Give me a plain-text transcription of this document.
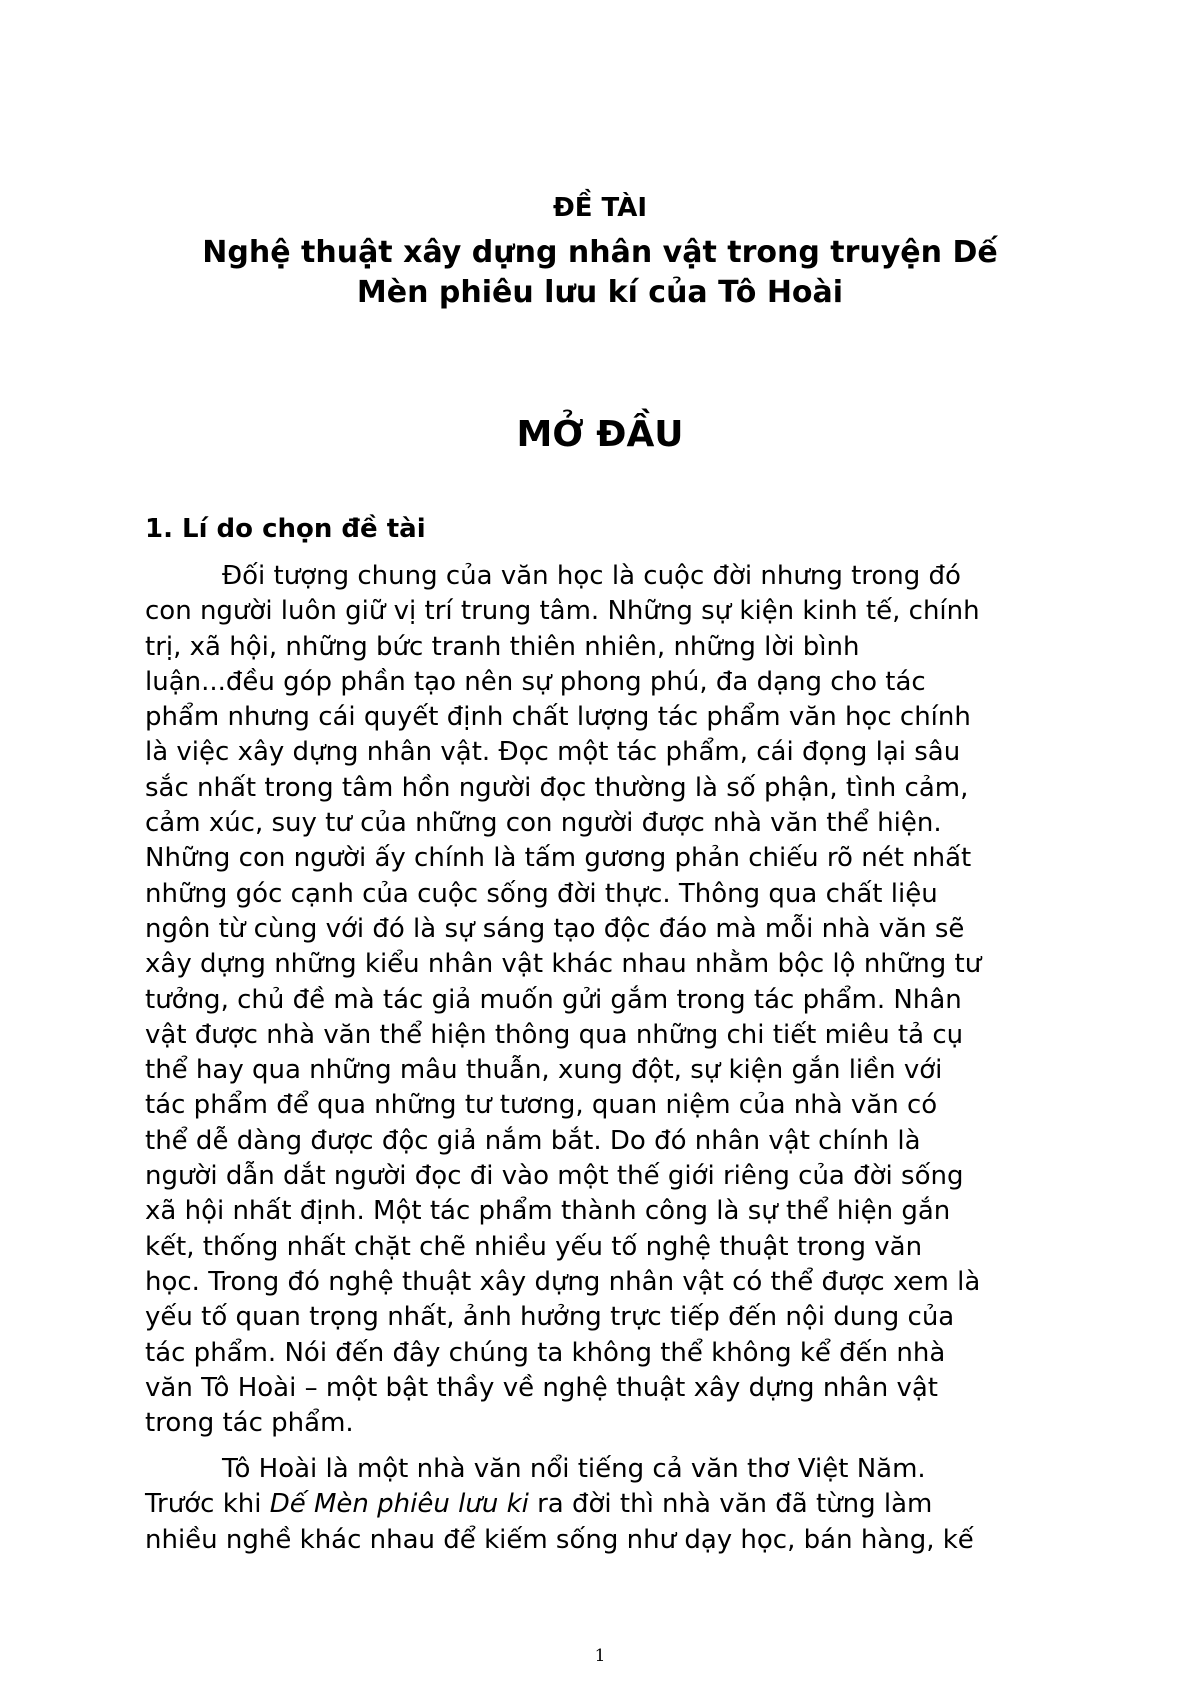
ĐỀ TÀI
Nghệ thuật xây dựng nhân vật trong truyện Dế
Mèn phiêu lưu kí của Tô Hoài
MỞ ĐẦU
1. Lí do chọn đề tài
Đối tượng chung của văn học là cuộc đời nhưng trong đó
con người luôn giữ vị trí trung tâm. Những sự kiện kinh tế, chính
trị, xã hội, những bức tranh thiên nhiên, những lời bình
luận...đều góp phần tạo nên sự phong phú, đa dạng cho tác
phẩm nhưng cái quyết định chất lượng tác phẩm văn học chính
là việc xây dựng nhân vật. Đọc một tác phẩm, cái đọng lại sâu
sắc nhất trong tâm hồn người đọc thường là số phận, tình cảm,
cảm xúc, suy tư của những con người được nhà văn thể hiện.
Những con người ấy chính là tấm gương phản chiếu rõ nét nhất
những góc cạnh của cuộc sống đời thực. Thông qua chất liệu
ngôn từ cùng với đó là sự sáng tạo độc đáo mà mỗi nhà văn sẽ
xây dựng những kiểu nhân vật khác nhau nhằm bộc lộ những tư
tưởng, chủ đề mà tác giả muốn gửi gắm trong tác phẩm. Nhân
vật được nhà văn thể hiện thông qua những chi tiết miêu tả cụ
thể hay qua những mâu thuẫn, xung đột, sự kiện gắn liền với
tác phẩm để qua những tư tương, quan niệm của nhà văn có
thể dễ dàng được độc giả nắm bắt. Do đó nhân vật chính là
người dẫn dắt người đọc đi vào một thế giới riêng của đời sống
xã hội nhất định. Một tác phẩm thành công là sự thể hiện gắn
kết, thống nhất chặt chẽ nhiều yếu tố nghệ thuật trong văn
học. Trong đó nghệ thuật xây dựng nhân vật có thể được xem là
yếu tố quan trọng nhất, ảnh hưởng trực tiếp đến nội dung của
tác phẩm. Nói đến đây chúng ta không thể không kể đến nhà
văn Tô Hoài – một bật thầy về nghệ thuật xây dựng nhân vật
trong tác phẩm.
Tô Hoài là một nhà văn nổi tiếng cả văn thơ Việt Năm.
Trước khi Dế Mèn phiêu lưu ki ra đời thì nhà văn đã từng làm
nhiều nghề khác nhau để kiếm sống như dạy học, bán hàng, kế
1
